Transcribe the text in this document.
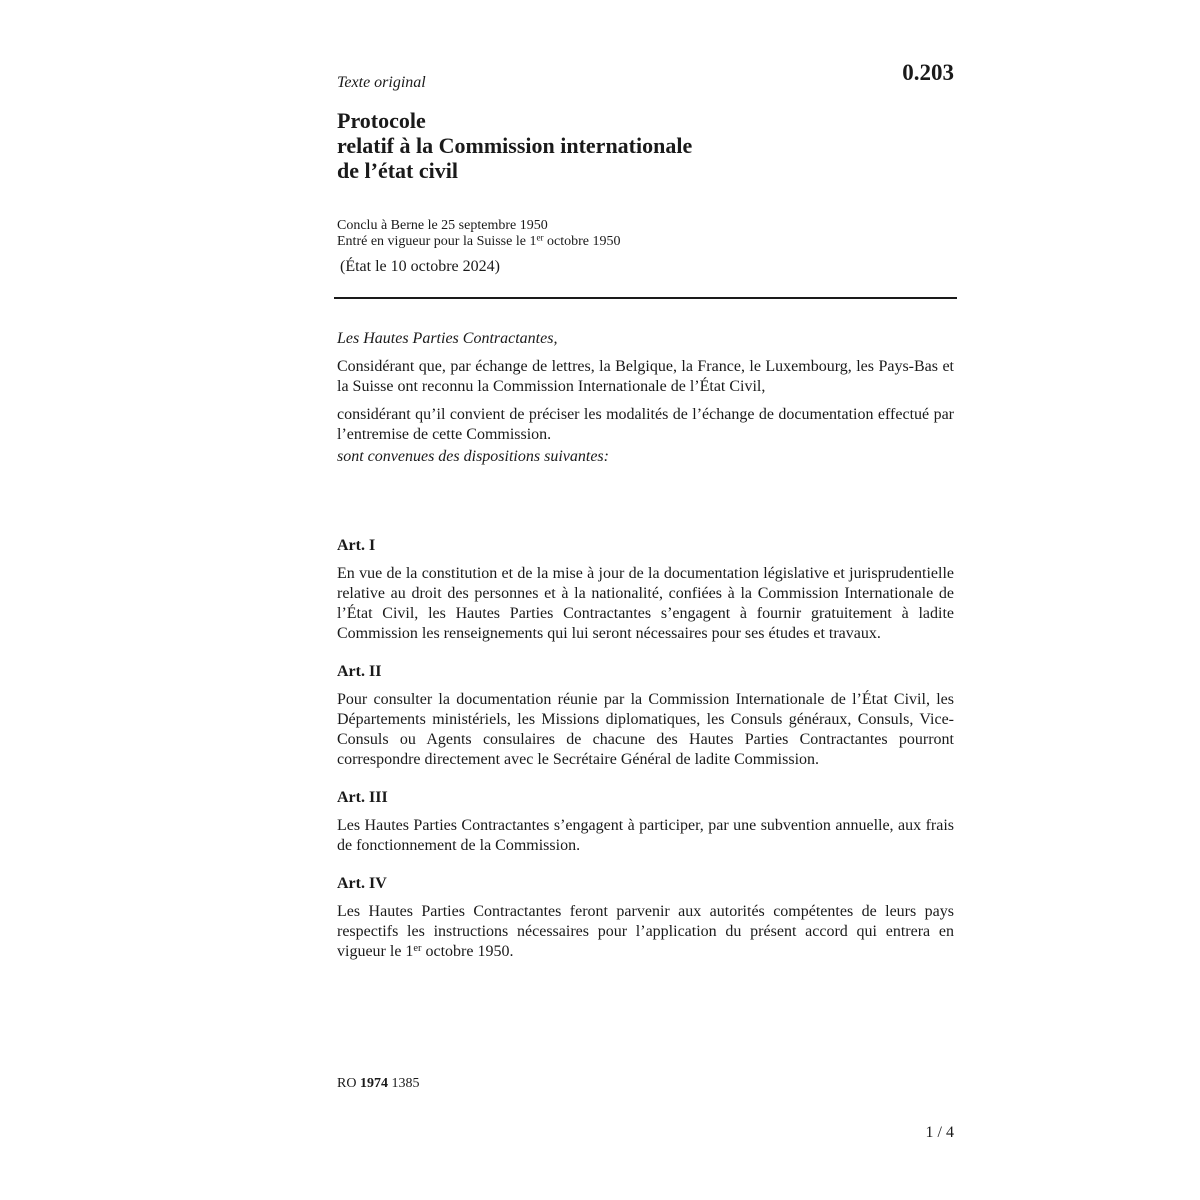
0.203
Texte original
Protocole
relatif à la Commission internationale
de l’état civil
Conclu à Berne le 25 septembre 1950
Entré en vigueur pour la Suisse le 1er octobre 1950
(État le 10 octobre 2024)

Les Hautes Parties Contractantes,

Considérant que, par échange de lettres, la Belgique, la France, le Luxembourg, les Pays-Bas et la Suisse ont reconnu la Commission Internationale de l’État Civil,

considérant qu’il convient de préciser les modalités de l’échange de documentation effectué par l’entremise de cette Commission.

sont convenues des dispositions suivantes:

Art. I

En vue de la constitution et de la mise à jour de la documentation législative et jurisprudentielle relative au droit des personnes et à la nationalité, confiées à la Commission Internationale de l’État Civil, les Hautes Parties Contractantes s’engagent à fournir gratuitement à ladite Commission les renseignements qui lui seront nécessaires pour ses études et travaux.

Art. II

Pour consulter la documentation réunie par la Commission Internationale de l’État Civil, les Départements ministériels, les Missions diplomatiques, les Consuls généraux, Consuls, Vice-Consuls ou Agents consulaires de chacune des Hautes Parties Contractantes pourront correspondre directement avec le Secrétaire Général de ladite Commission.

Art. III

Les Hautes Parties Contractantes s’engagent à participer, par une subvention annuelle, aux frais de fonctionnement de la Commission.

Art. IV

Les Hautes Parties Contractantes feront parvenir aux autorités compétentes de leurs pays respectifs les instructions nécessaires pour l’application du présent accord qui entrera en vigueur le 1er octobre 1950.

RO 1974 1385
1 / 4
